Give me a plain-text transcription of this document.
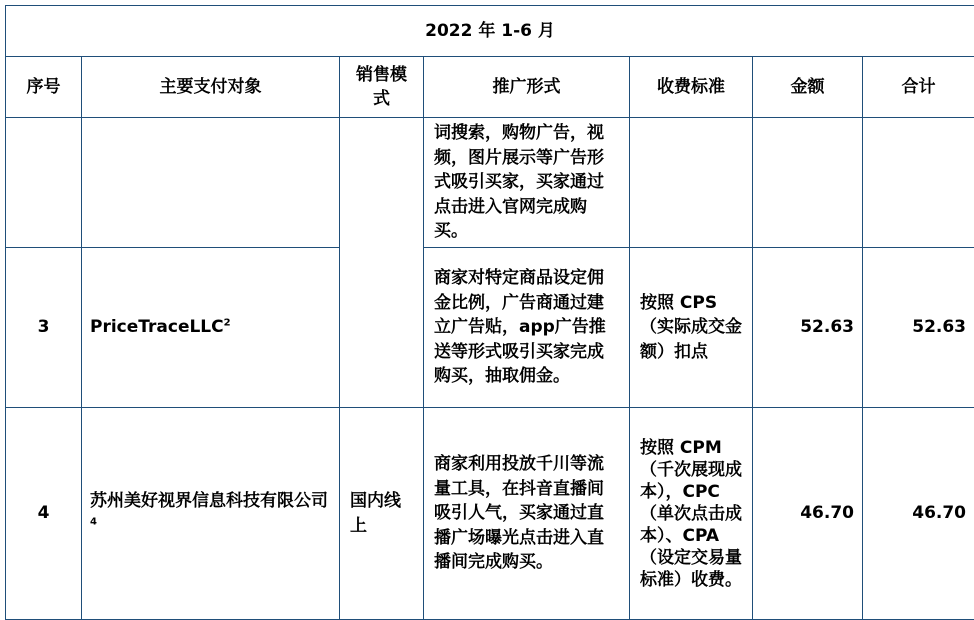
2022 年 1-6 月						
序号	主要支付对象	销售模式	推广形式	收费标准	金额	合计
			词搜索，购物广告，视频，图片展示等广告形式吸引买家，买家通过点击进入官网完成购买。			
3	PriceTraceLLC$^2$		商家对特定商品设定佣金比例，广告商通过建立广告贴，app广告推送等形式吸引买家完成购买，抽取佣金。	按照 CPS（实际成交金额）扣点	52.63	52.63
4	苏州美好视界信息科技有限公司$^4$	国内线上	商家利用投放千川等流量工具，在抖音直播间吸引人气，买家通过直播广场曝光点击进入直播间完成购买。	按照 CPM（千次展现成本），CPC（单次点击成本）、CPA（设定交易量标准）收费。	46.70	46.70
